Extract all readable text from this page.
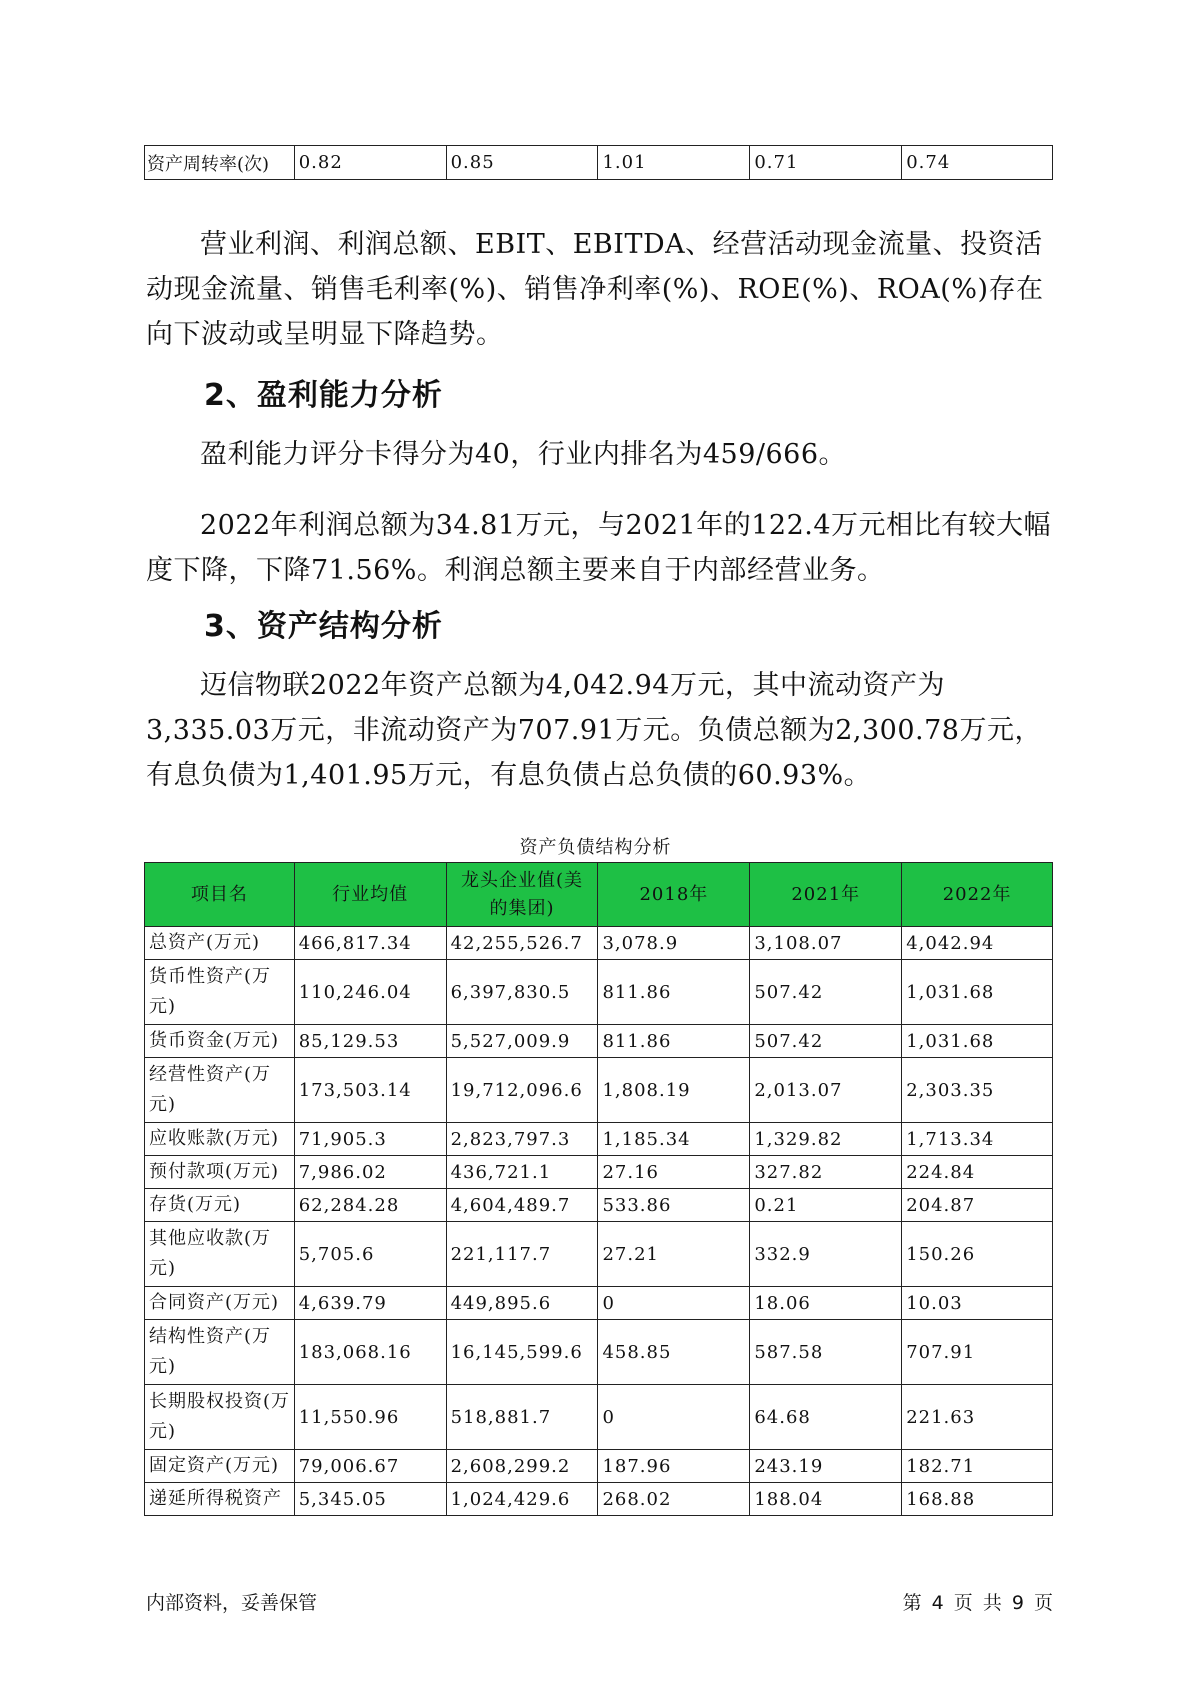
资产周转率(次)	0.82	0.85	1.01	0.71	0.74
营业利润、利润总额、EBIT、EBITDA、经营活动现金流量、投资活动现金流量、销售毛利率(%)、销售净利率(%)、ROE(%)、ROA(%)存在向下波动或呈明显下降趋势。
2、盈利能力分析
盈利能力评分卡得分为40，行业内排名为459/666。
2022年利润总额为34.81万元，与2021年的122.4万元相比有较大幅度下降，下降71.56%。利润总额主要来自于内部经营业务。
3、资产结构分析
迈信物联2022年资产总额为4,042.94万元，其中流动资产为3,335.03万元，非流动资产为707.91万元。负债总额为2,300.78万元，有息负债为1,401.95万元，有息负债占总负债的60.93%。
资产负债结构分析
项目名	行业均值	龙头企业值(美的集团)	2018年	2021年	2022年
总资产(万元)	466,817.34	42,255,526.7	3,078.9	3,108.07	4,042.94
货币性资产(万元)	110,246.04	6,397,830.5	811.86	507.42	1,031.68
货币资金(万元)	85,129.53	5,527,009.9	811.86	507.42	1,031.68
经营性资产(万元)	173,503.14	19,712,096.6	1,808.19	2,013.07	2,303.35
应收账款(万元)	71,905.3	2,823,797.3	1,185.34	1,329.82	1,713.34
预付款项(万元)	7,986.02	436,721.1	27.16	327.82	224.84
存货(万元)	62,284.28	4,604,489.7	533.86	0.21	204.87
其他应收款(万元)	5,705.6	221,117.7	27.21	332.9	150.26
合同资产(万元)	4,639.79	449,895.6	0	18.06	10.03
结构性资产(万元)	183,068.16	16,145,599.6	458.85	587.58	707.91
长期股权投资(万元)	11,550.96	518,881.7	0	64.68	221.63
固定资产(万元)	79,006.67	2,608,299.2	187.96	243.19	182.71
递延所得税资产	5,345.05	1,024,429.6	268.02	188.04	168.88
内部资料，妥善保管	第 4 页 共 9 页
